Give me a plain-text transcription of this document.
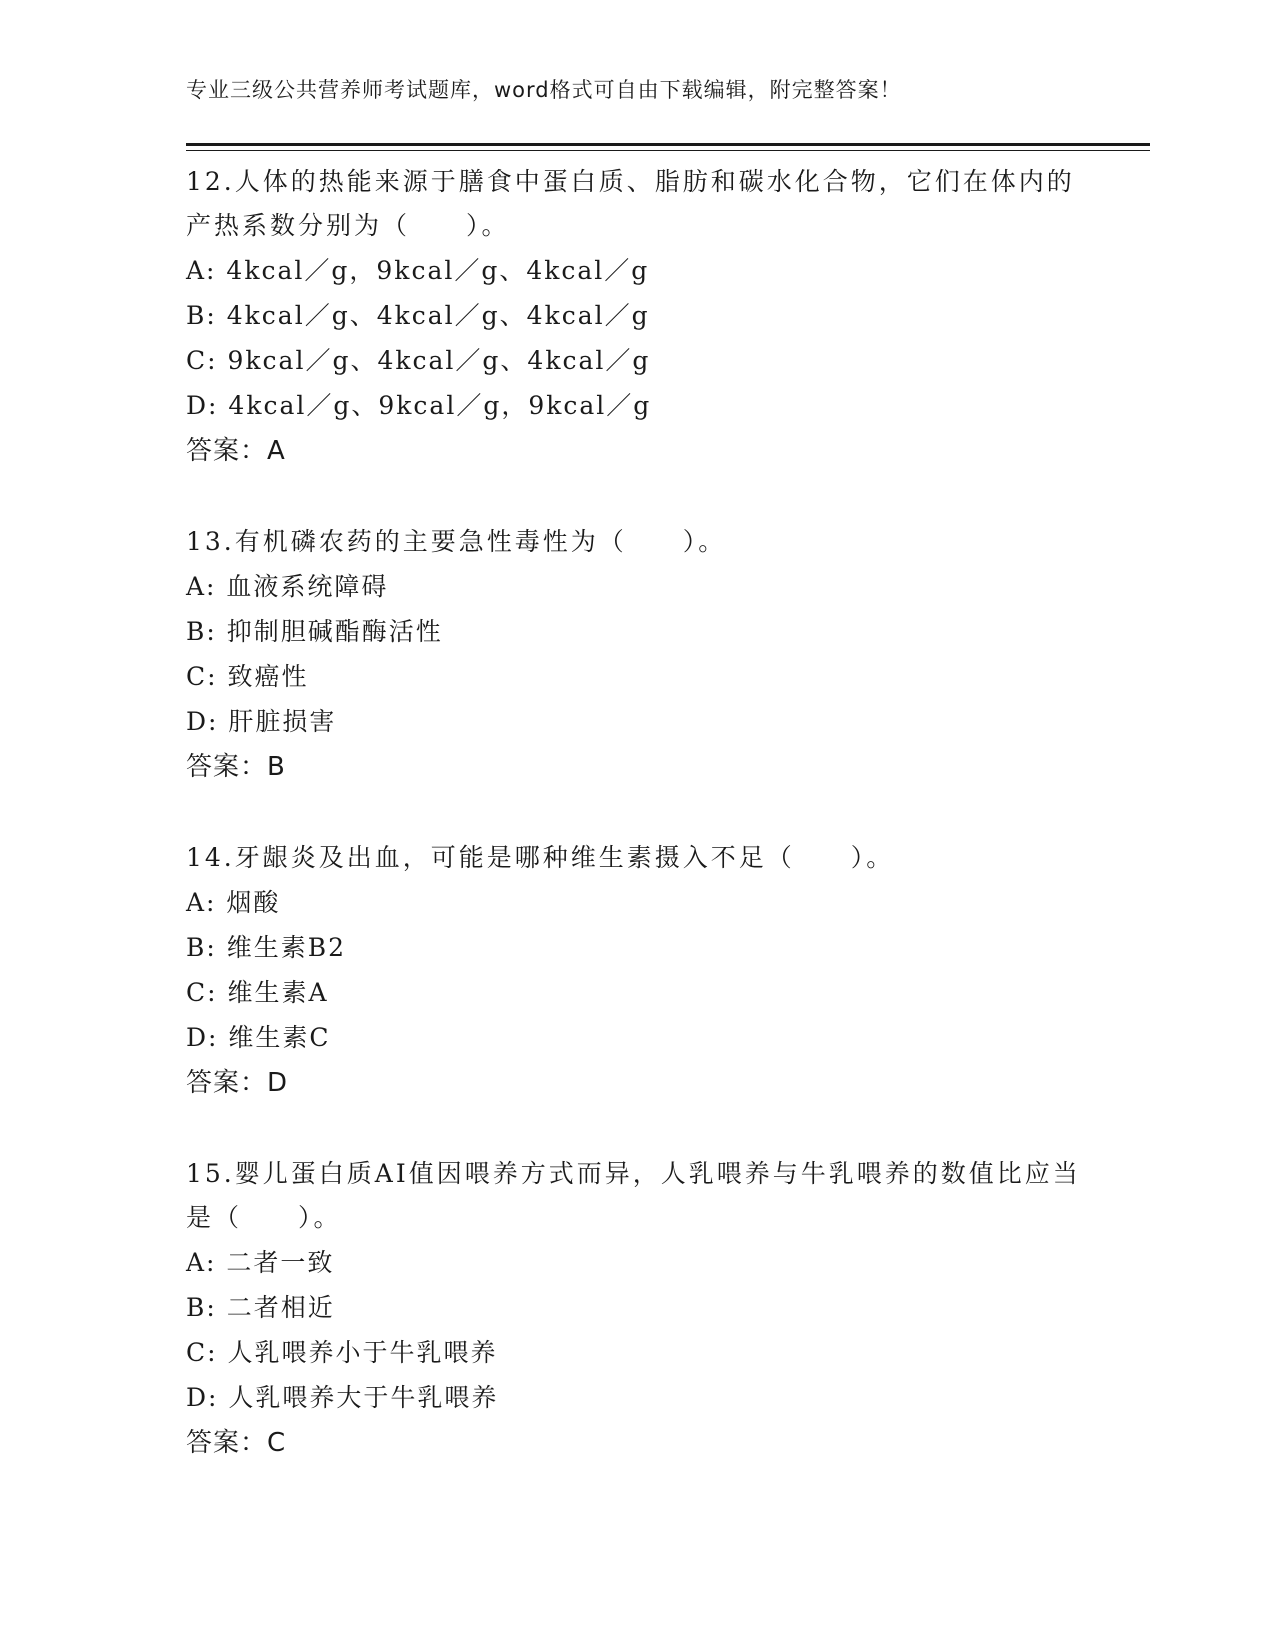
专业三级公共营养师考试题库，word格式可自由下载编辑，附完整答案！
12.人体的热能来源于膳食中蛋白质、脂肪和碳水化合物，它们在体内的产热系数分别为（　　）。
A: 4kcal／g，9kcal／g、4kcal／g
B: 4kcal／g、4kcal／g、4kcal／g
C: 9kcal／g、4kcal／g、4kcal／g
D: 4kcal／g、9kcal／g，9kcal／g
答案：A
13.有机磷农药的主要急性毒性为（　　）。
A: 血液系统障碍
B: 抑制胆碱酯酶活性
C: 致癌性
D: 肝脏损害
答案：B
14.牙龈炎及出血，可能是哪种维生素摄入不足（　　）。
A: 烟酸
B: 维生素B2
C: 维生素A
D: 维生素C
答案：D
15.婴儿蛋白质AI值因喂养方式而异，人乳喂养与牛乳喂养的数值比应当是（　　）。
A: 二者一致
B: 二者相近
C: 人乳喂养小于牛乳喂养
D: 人乳喂养大于牛乳喂养
答案：C
